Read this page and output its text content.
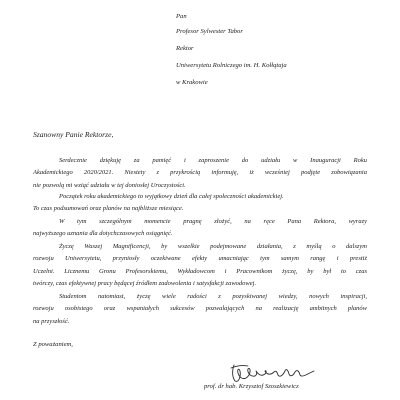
Pan
Profesor Sylwester Tabor
Rektor
Uniwersytetu Rolniczego im. H. Kołłątaja
w Krakowie
Szanowny Panie Rektorze,
Serdecznie dziękuję za pamięć i zaproszenie do udziału w Inauguracji Roku
Akademickiego 2020/2021. Niestety z przykrością informuję, iż wcześniej podjęte zobowiązania
nie pozwolą mi wziąć udziału w tej doniosłej Uroczystości.
Początek roku akademickiego to wyjątkowy dzień dla całej społeczności akademickiej.
To czas podsumowań oraz planów na najbliższe miesiące.
W tym szczególnym momencie pragnę złożyć, na ręce Pana Rektora, wyrazy
najwyższego uznania dla dotychczasowych osiągnięć.
Życzę Waszej Magnificencji, by wszelkie podejmowane działania, z myślą o dalszym
rozwoju Uniwersytetu, przyniosły oczekiwane efekty umacniając tym samym rangę i prestiż
Uczelni. Licznemu Gronu Profesorskiemu, Wykładowcom i Pracownikom życzę, by był to czas
twórczy, czas efektywnej pracy będącej źródłem zadowolenia i satysfakcji zawodowej.
Studentom natomiast, życzę wiele radości z pozyskiwanej wiedzy, nowych inspiracji,
rozwoju osobistego oraz wspaniałych sukcesów pozwalających na realizację ambitnych planów
na przyszłość.
Z poważaniem,
prof. dr hab. Krzysztof Szoszkiewicz
